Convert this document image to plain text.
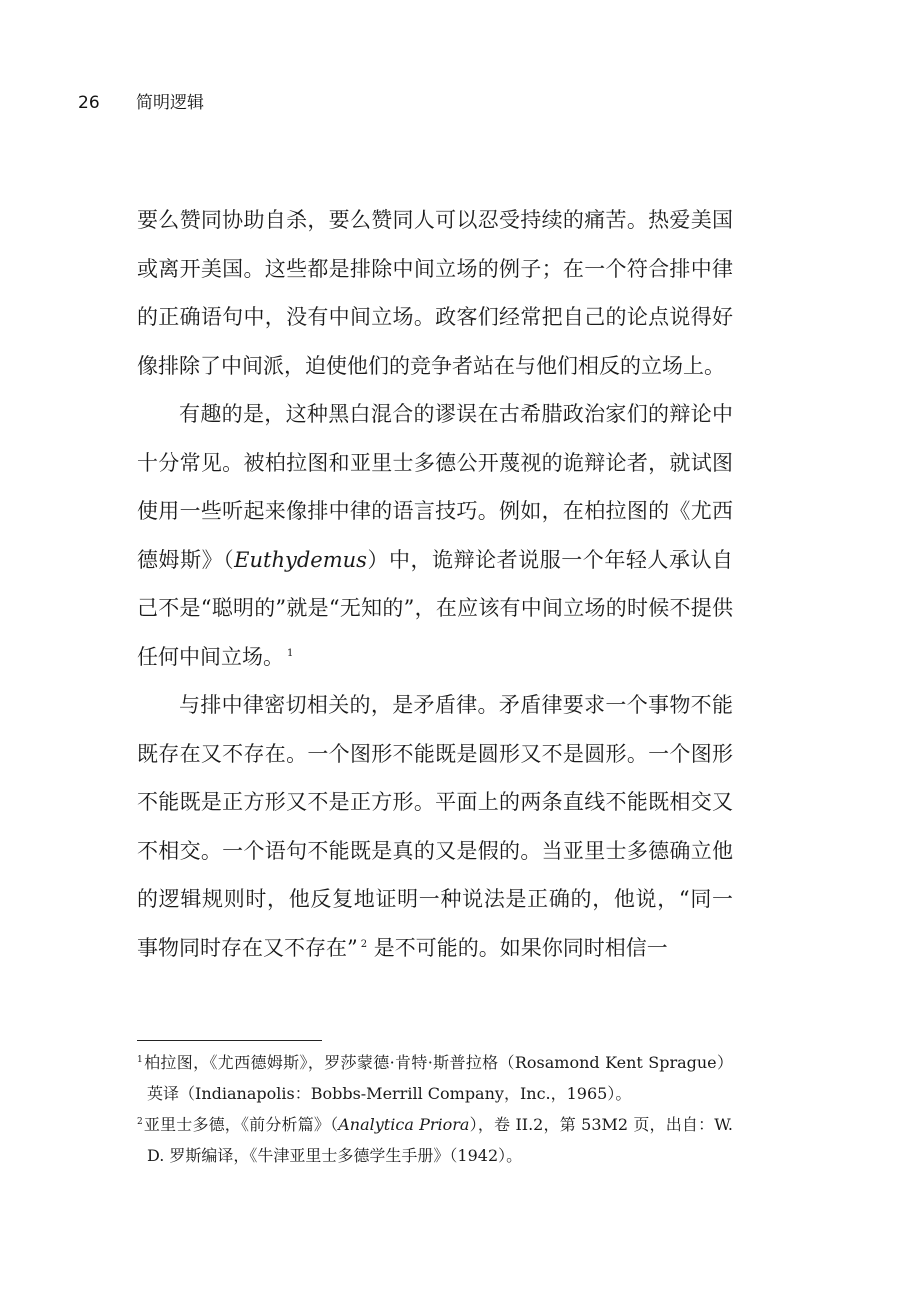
26 简明逻辑

要么赞同协助自杀，要么赞同人可以忍受持续的痛苦。热爱美国或离开美国。这些都是排除中间立场的例子；在一个符合排中律的正确语句中，没有中间立场。政客们经常把自己的论点说得好像排除了中间派，迫使他们的竞争者站在与他们相反的立场上。

有趣的是，这种黑白混合的谬误在古希腊政治家们的辩论中十分常见。被柏拉图和亚里士多德公开蔑视的诡辩论者，就试图使用一些听起来像排中律的语言技巧。例如，在柏拉图的《尤西德姆斯》（Euthydemus）中，诡辩论者说服一个年轻人承认自己不是“聪明的”就是“无知的”，在应该有中间立场的时候不提供任何中间立场。 $^1$

与排中律密切相关的，是矛盾律。矛盾律要求一个事物不能既存在又不存在。一个图形不能既是圆形又不是圆形。一个图形不能既是正方形又不是正方形。平面上的两条直线不能既相交又不相交。一个语句不能既是真的又是假的。当亚里士多德确立他的逻辑规则时，他反复地证明一种说法是正确的，他说，“同一事物同时存在又不存在” $^2$ 是不可能的。如果你同时相信一

$^1$柏拉图，《尤西德姆斯》，罗莎蒙德·肯特·斯普拉格（Rosamond Kent Sprague）英译（Indianapolis：Bobbs-Merrill Company，Inc.，1965）。

$^2$亚里士多德，《前分析篇》（Analytica Priora），卷 II.2，第 53M2 页，出自：W. D. 罗斯编译，《牛津亚里士多德学生手册》（1942）。
